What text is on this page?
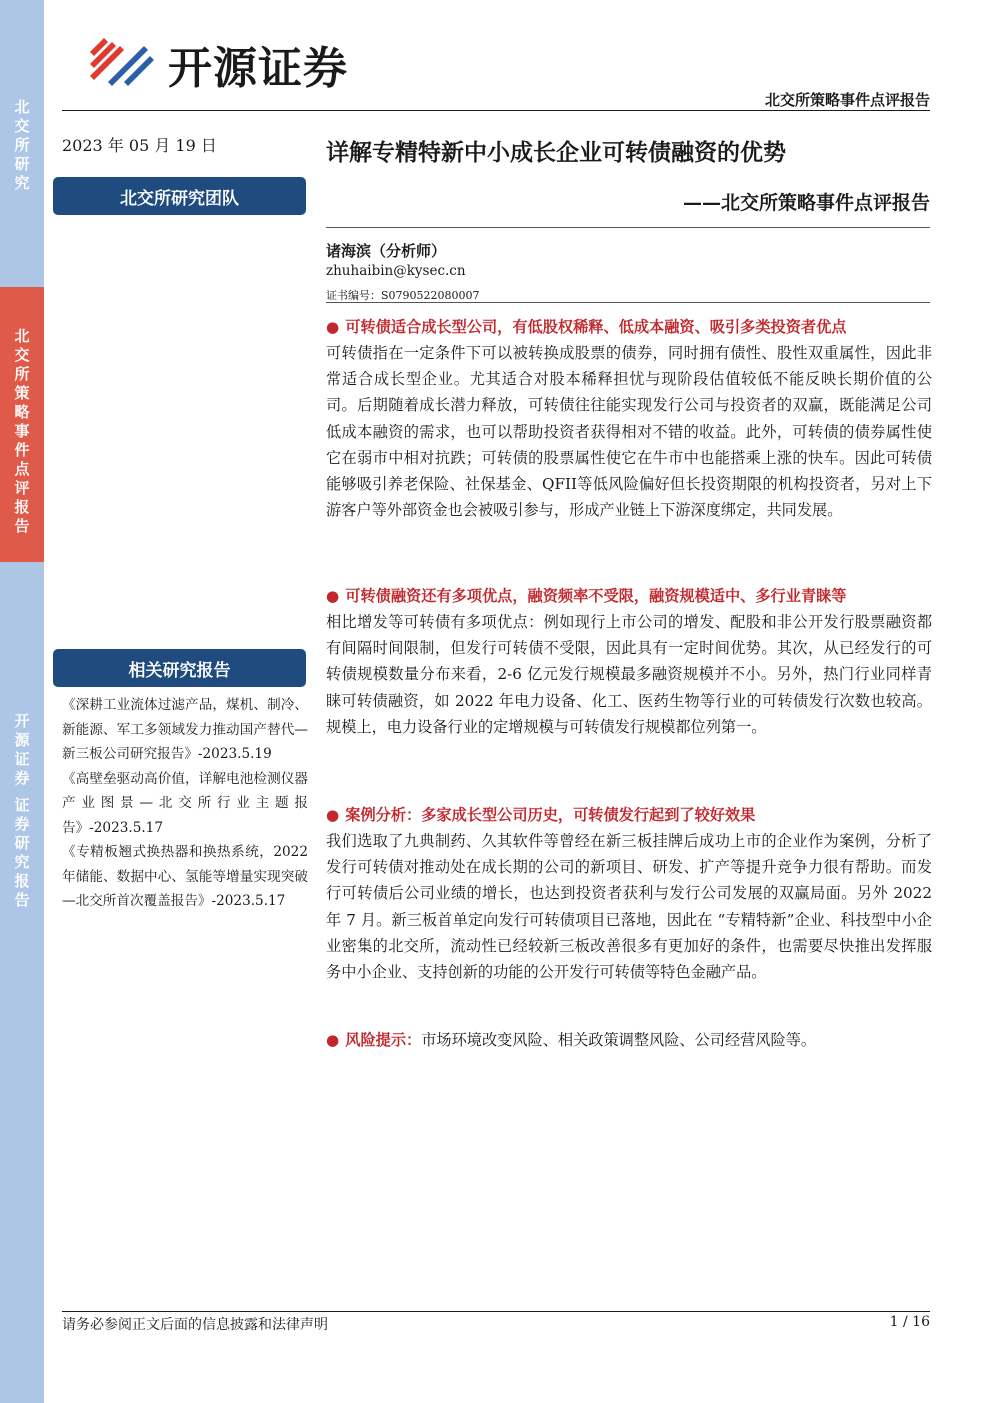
北
交
所
研
究
北
交
所
策
略
事
件
点
评
报
告
开
源
证
券
证
券
研
究
报
告
开源证券
北交所策略事件点评报告
2023 年 05 月 19 日
北交所研究团队
相关研究报告

《深耕工业流体过滤产品，煤机、制冷、新能源、军工多领域发力推动国产替代—新三板公司研究报告》-2023.5.19

《高壁垒驱动高价值，详解电池检测仪器产业图景—北交所行业主题报告》-2023.5.17

《专精板翘式换热器和换热系统，2022 年储能、数据中心、氢能等增量实现突破—北交所首次覆盖报告》-2023.5.17

详解专精特新中小成长企业可转债融资的优势
——北交所策略事件点评报告
诸海滨（分析师）
zhuhaibin@kysec.cn
证书编号：S0790522080007
● 可转债适合成长型公司，有低股权稀释、低成本融资、吸引多类投资者优点

可转债指在一定条件下可以被转换成股票的债券，同时拥有债性、股性双重属性，因此非常适合成长型企业。尤其适合对股本稀释担忧与现阶段估值较低不能反映长期价值的公司。后期随着成长潜力释放，可转债往往能实现发行公司与投资者的双赢，既能满足公司低成本融资的需求，也可以帮助投资者获得相对不错的收益。此外，可转债的债券属性使它在弱市中相对抗跌；可转债的股票属性使它在牛市中也能搭乘上涨的快车。因此可转债能够吸引养老保险、社保基金、QFII等低风险偏好但长投资期限的机构投资者，另对上下游客户等外部资金也会被吸引参与，形成产业链上下游深度绑定，共同发展。

● 可转债融资还有多项优点，融资频率不受限，融资规模适中、多行业青睐等

相比增发等可转债有多项优点：例如现行上市公司的增发、配股和非公开发行股票融资都有间隔时间限制，但发行可转债不受限，因此具有一定时间优势。其次，从已经发行的可转债规模数量分布来看，2-6 亿元发行规模最多融资规模并不小。另外，热门行业同样青睐可转债融资，如 2022 年电力设备、化工、医药生物等行业的可转债发行次数也较高。规模上，电力设备行业的定增规模与可转债发行规模都位列第一。

● 案例分析：多家成长型公司历史，可转债发行起到了较好效果

我们选取了九典制药、久其软件等曾经在新三板挂牌后成功上市的企业作为案例，分析了发行可转债对推动处在成长期的公司的新项目、研发、扩产等提升竞争力很有帮助。而发行可转债后公司业绩的增长，也达到投资者获利与发行公司发展的双赢局面。另外 2022 年 7 月。新三板首单定向发行可转债项目已落地，因此在 “专精特新”企业、科技型中小企业密集的北交所，流动性已经较新三板改善很多有更加好的条件，也需要尽快推出发挥服务中小企业、支持创新的功能的公开发行可转债等特色金融产品。

● 风险提示：市场环境改变风险、相关政策调整风险、公司经营风险等。
请务必参阅正文后面的信息披露和法律声明	1 / 16
